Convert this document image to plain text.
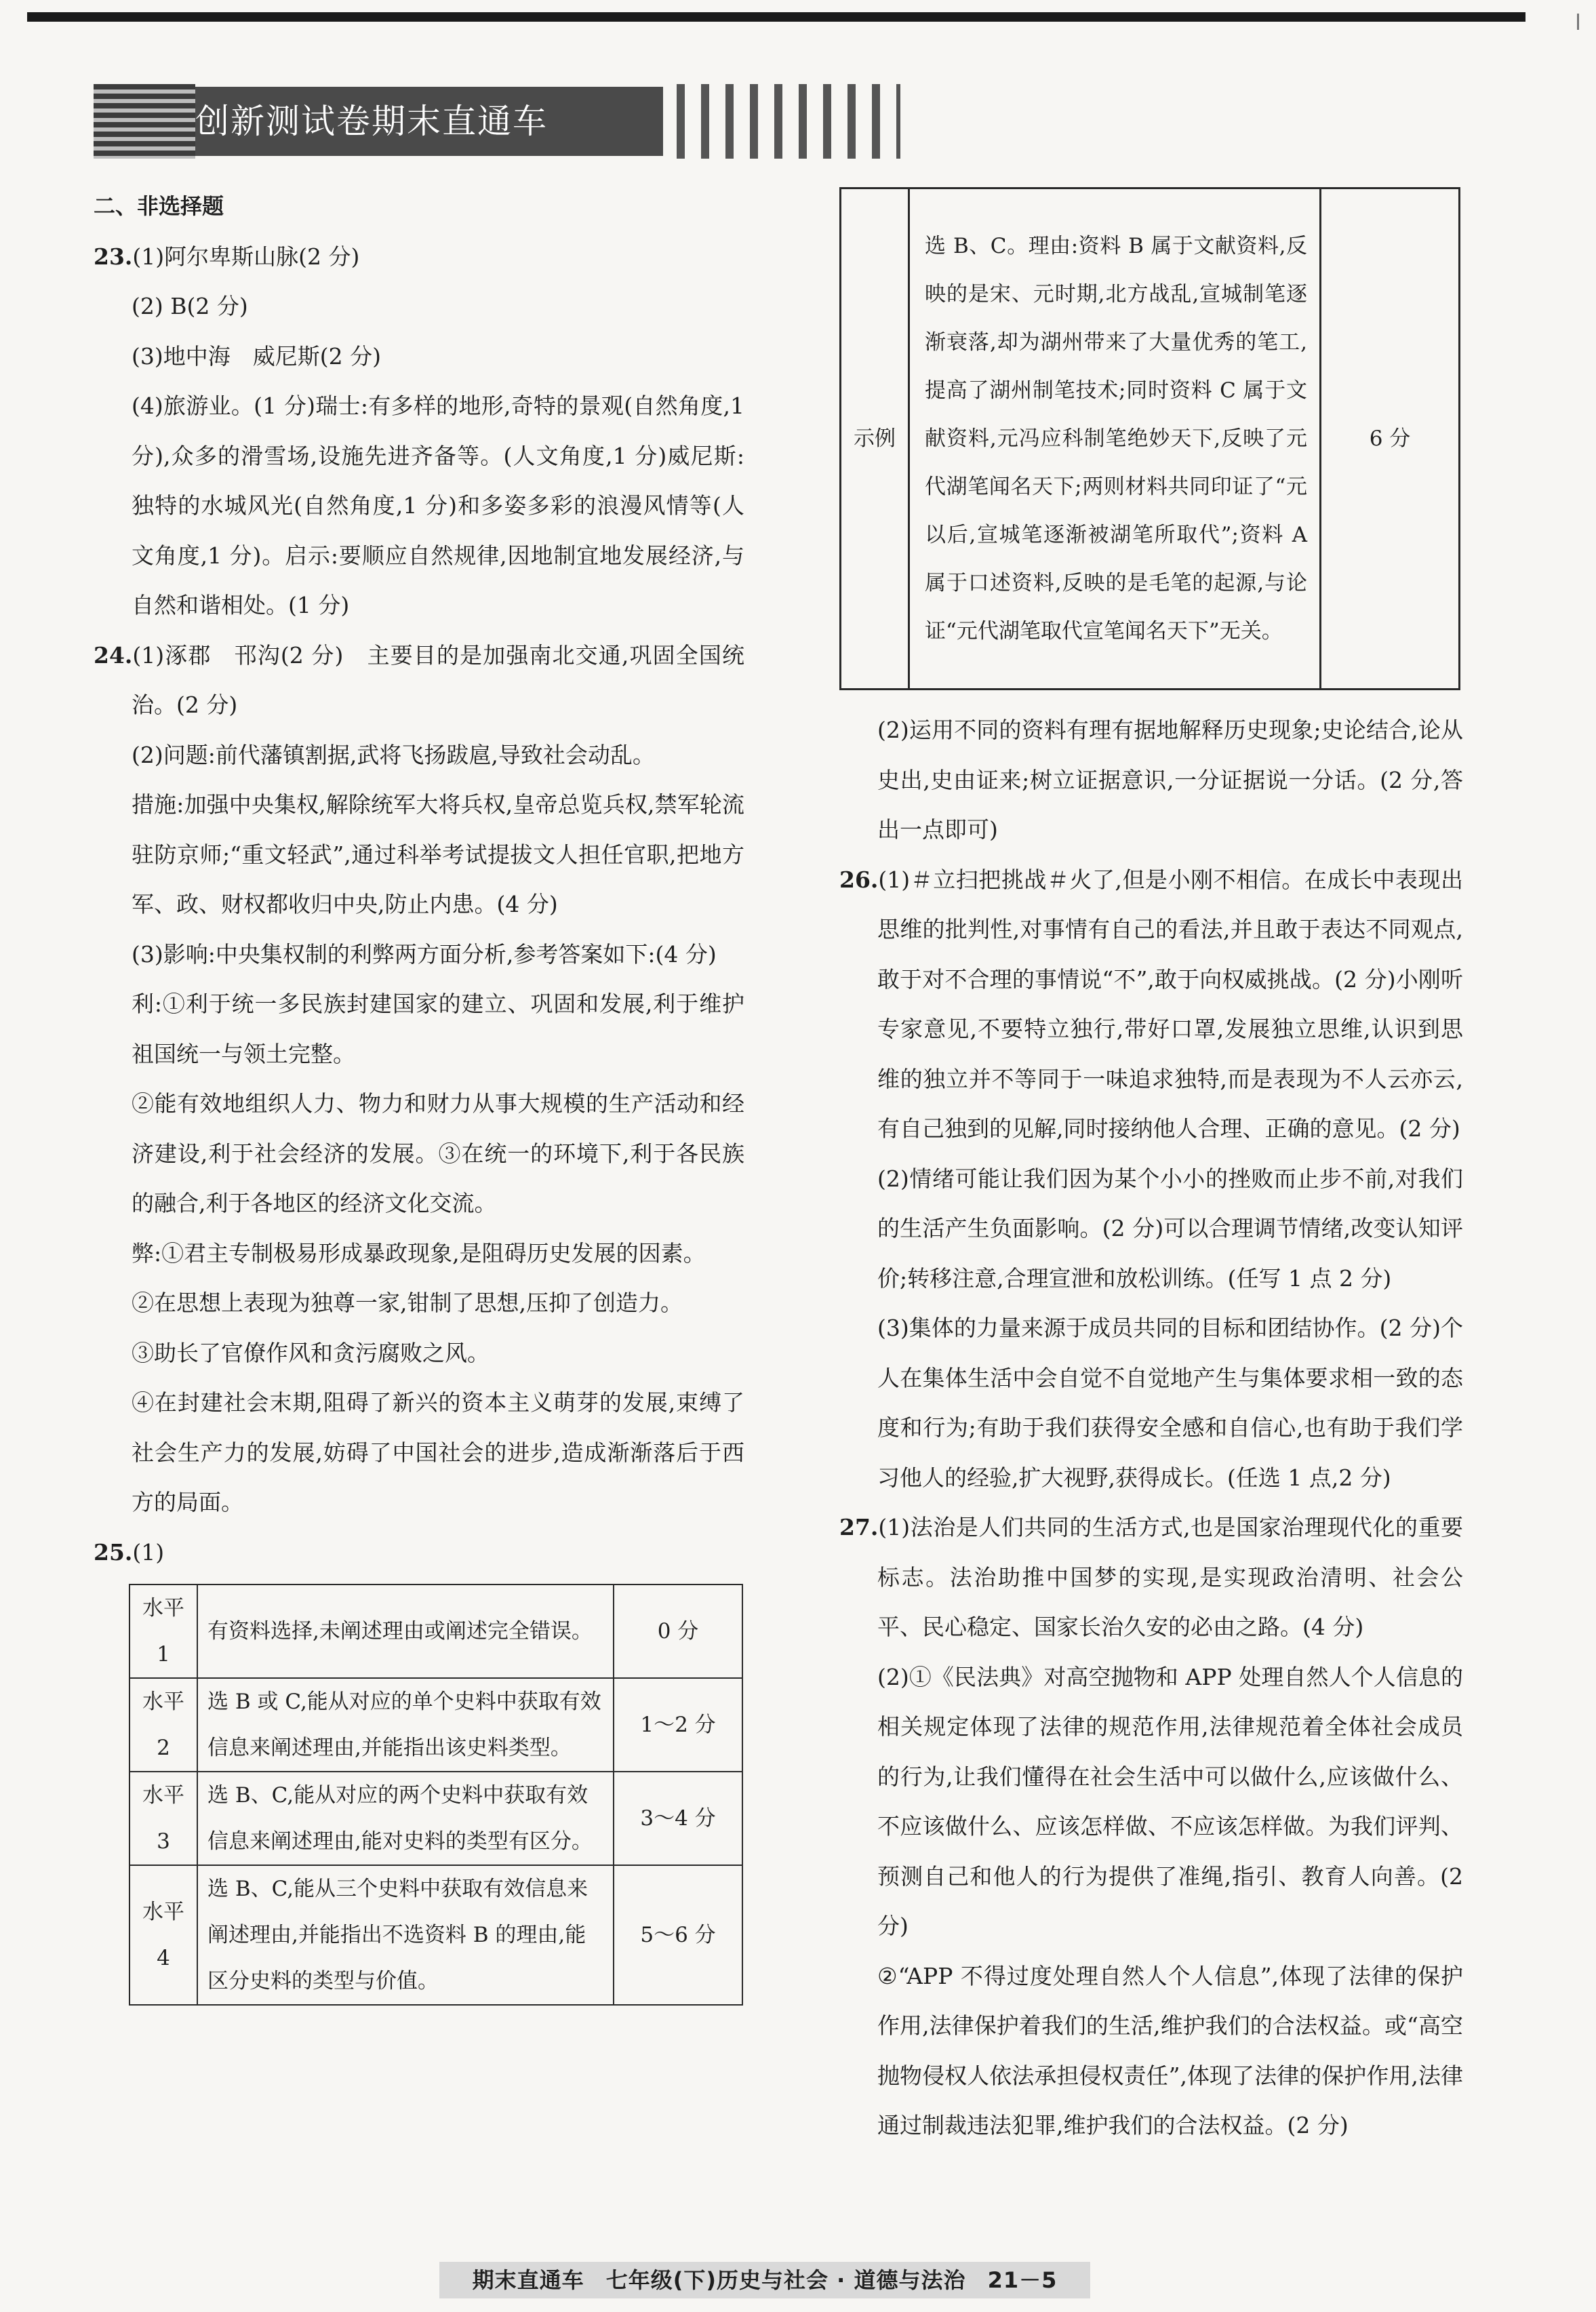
创新测试卷期末直通车

二、非选择题

23.(1)阿尔卑斯山脉(2 分)

(2) B(2 分)

(3)地中海　威尼斯(2 分)

(4)旅游业。(1 分)瑞士:有多样的地形,奇特的景观(自然角度,1 分),众多的滑雪场,设施先进齐备等。(人文角度,1 分)威尼斯:独特的水城风光(自然角度,1 分)和多姿多彩的浪漫风情等(人文角度,1 分)。启示:要顺应自然规律,因地制宜地发展经济,与自然和谐相处。(1 分)

24.(1)涿郡　邗沟(2 分)　主要目的是加强南北交通,巩固全国统治。(2 分)

(2)问题:前代藩镇割据,武将飞扬跋扈,导致社会动乱。

措施:加强中央集权,解除统军大将兵权,皇帝总览兵权,禁军轮流驻防京师;“重文轻武”,通过科举考试提拔文人担任官职,把地方军、政、财权都收归中央,防止内患。(4 分)

(3)影响:中央集权制的利弊两方面分析,参考答案如下:(4 分)

利:①利于统一多民族封建国家的建立、巩固和发展,利于维护祖国统一与领土完整。

②能有效地组织人力、物力和财力从事大规模的生产活动和经济建设,利于社会经济的发展。③在统一的环境下,利于各民族的融合,利于各地区的经济文化交流。

弊:①君主专制极易形成暴政现象,是阻碍历史发展的因素。

②在思想上表现为独尊一家,钳制了思想,压抑了创造力。

③助长了官僚作风和贪污腐败之风。

④在封建社会末期,阻碍了新兴的资本主义萌芽的发展,束缚了社会生产力的发展,妨碍了中国社会的进步,造成渐渐落后于西方的局面。

25.(1)

水平 1	有资料选择,未阐述理由或阐述完全错误。	0 分
水平 2	选 B 或 C,能从对应的单个史料中获取有效信息来阐述理由,并能指出该史料类型。	1～2 分
水平 3	选 B、C,能从对应的两个史料中获取有效信息来阐述理由,能对史料的类型有区分。	3～4 分
水平 4	选 B、C,能从三个史料中获取有效信息来阐述理由,并能指出不选资料 B 的理由,能区分史料的类型与价值。	5～6 分
示例	选 B、C。理由:资料 B 属于文献资料,反映的是宋、元时期,北方战乱,宣城制笔逐渐衰落,却为湖州带来了大量优秀的笔工,提高了湖州制笔技术;同时资料 C 属于文献资料,元冯应科制笔绝妙天下,反映了元代湖笔闻名天下;两则材料共同印证了“元以后,宣城笔逐渐被湖笔所取代”;资料 A 属于口述资料,反映的是毛笔的起源,与论证“元代湖笔取代宣笔闻名天下”无关。	6 分

(2)运用不同的资料有理有据地解释历史现象;史论结合,论从史出,史由证来;树立证据意识,一分证据说一分话。(2 分,答出一点即可)

26.(1)＃立扫把挑战＃火了,但是小刚不相信。在成长中表现出思维的批判性,对事情有自己的看法,并且敢于表达不同观点,敢于对不合理的事情说“不”,敢于向权威挑战。(2 分)小刚听专家意见,不要特立独行,带好口罩,发展独立思维,认识到思维的独立并不等同于一味追求独特,而是表现为不人云亦云,有自己独到的见解,同时接纳他人合理、正确的意见。(2 分)

(2)情绪可能让我们因为某个小小的挫败而止步不前,对我们的生活产生负面影响。(2 分)可以合理调节情绪,改变认知评价;转移注意,合理宣泄和放松训练。(任写 1 点 2 分)

(3)集体的力量来源于成员共同的目标和团结协作。(2 分)个人在集体生活中会自觉不自觉地产生与集体要求相一致的态度和行为;有助于我们获得安全感和自信心,也有助于我们学习他人的经验,扩大视野,获得成长。(任选 1 点,2 分)

27.(1)法治是人们共同的生活方式,也是国家治理现代化的重要标志。法治助推中国梦的实现,是实现政治清明、社会公平、民心稳定、国家长治久安的必由之路。(4 分)

(2)①《民法典》对高空抛物和 APP 处理自然人个人信息的相关规定体现了法律的规范作用,法律规范着全体社会成员的行为,让我们懂得在社会生活中可以做什么,应该做什么、不应该做什么、应该怎样做、不应该怎样做。为我们评判、预测自己和他人的行为提供了准绳,指引、教育人向善。(2 分)

②“APP 不得过度处理自然人个人信息”,体现了法律的保护作用,法律保护着我们的生活,维护我们的合法权益。或“高空抛物侵权人依法承担侵权责任”,体现了法律的保护作用,法律通过制裁违法犯罪,维护我们的合法权益。(2 分)

期末直通车 七年级(下)历史与社会 · 道德与法治 21－5
